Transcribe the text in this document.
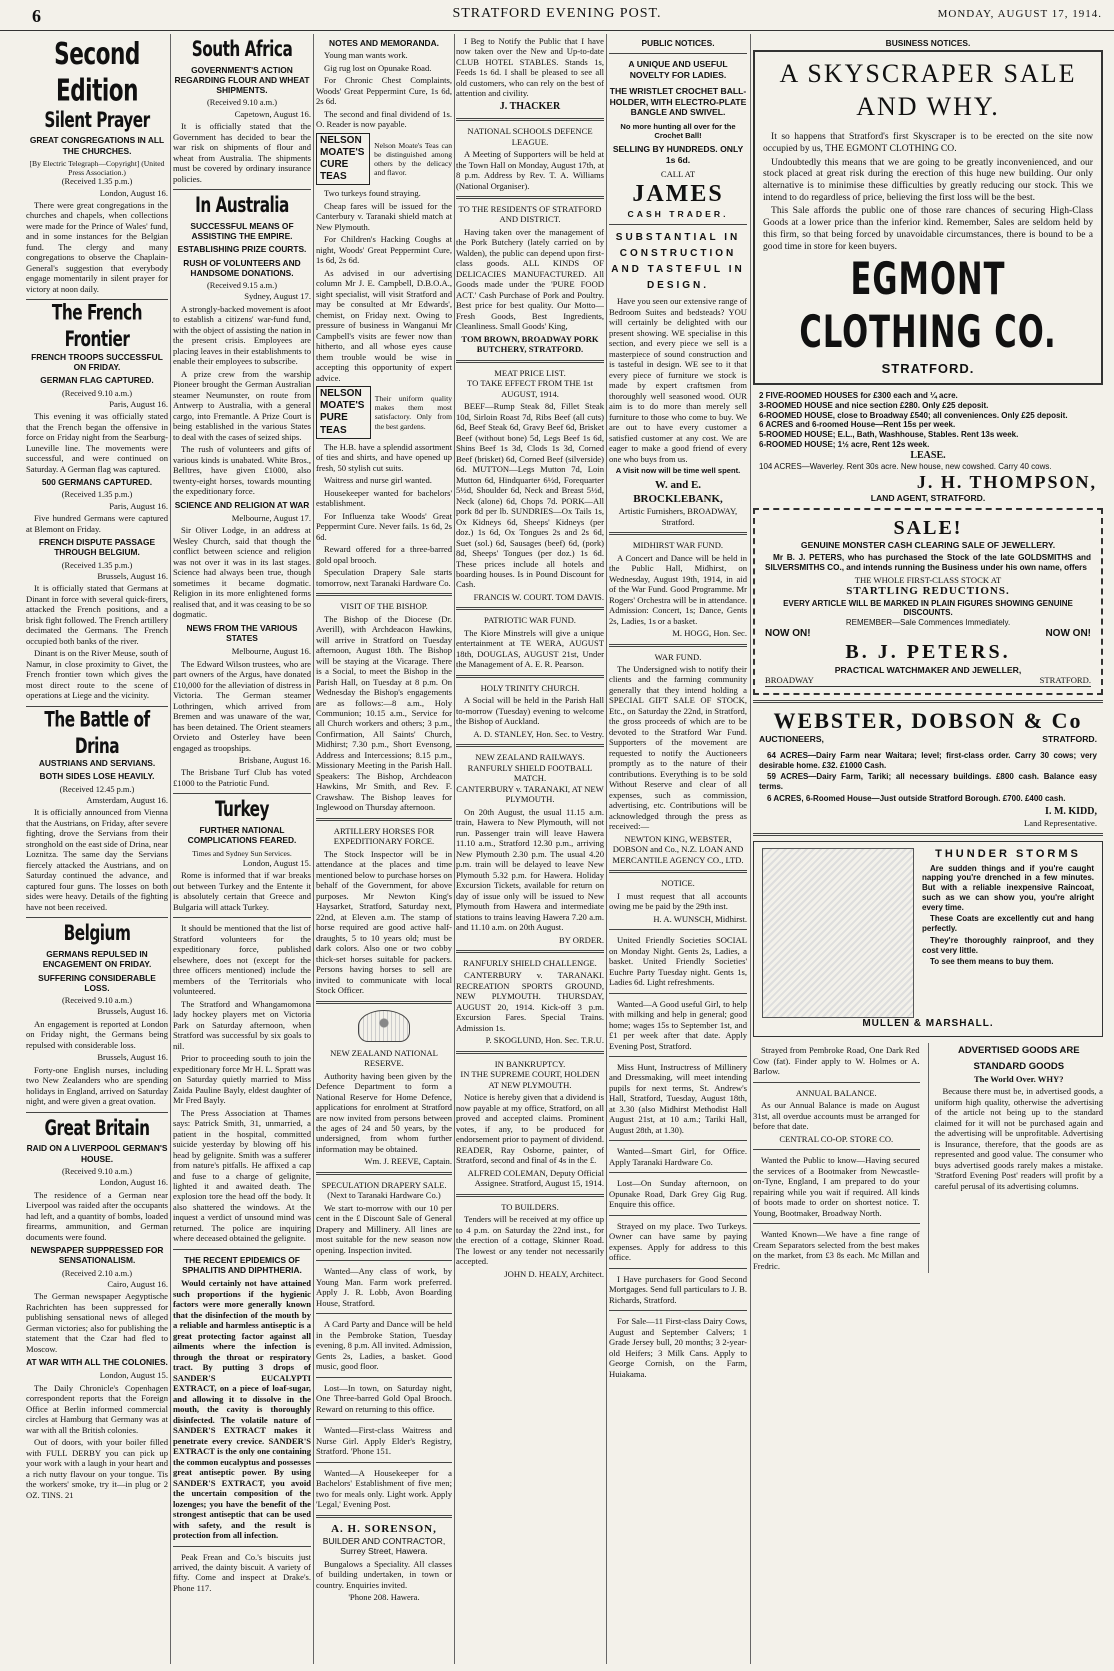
6	STRATFORD EVENING POST.	MONDAY, AUGUST 17, 1914.
Second Edition
Silent Prayer
GREAT CONGREGATIONS IN ALL THE CHURCHES.
[By Electric Telegraph—Copyright] (United Press Association.)
(Received 1.35 p.m.)
London, August 16.

There were great congregations in the churches and chapels, when collections were made for the Prince of Wales' fund, and in some instances for the Belgian fund. The clergy and many congregations to observe the Chaplain-General's suggestion that everybody engage momentarily in silent prayer for victory at noon daily.

The French Frontier
FRENCH TROOPS SUCCESSFUL ON FRIDAY.
GERMAN FLAG CAPTURED.
(Received 9.10 a.m.)
Paris, August 16.

This evening it was officially stated that the French began the offensive in force on Friday night from the Searburg-Luneville line. The movements were successful, and were continued on Saturday. A German flag was captured.

500 GERMANS CAPTURED.
(Received 1.35 p.m.)
Paris, August 16.

Five hundred Germans were captured at Blemont on Friday.

FRENCH DISPUTE PASSAGE THROUGH BELGIUM.
(Received 1.35 p.m.)
Brussels, August 16.

It is officially stated that Germans at Dinant in force with several quick-firers, attacked the French positions, and a brisk fight followed. The French artillery decimated the Germans. The French occupied both banks of the river.

Dinant is on the River Meuse, south of Namur, in close proximity to Givet, the French frontier town which gives the most direct route to the scene of operations at Liege and the vicinity.

The Battle of Drina
AUSTRIANS AND SERVIANS.
BOTH SIDES LOSE HEAVILY.
(Received 12.45 p.m.)
Amsterdam, August 16.

It is officially announced from Vienna that the Austrians, on Friday, after severe fighting, drove the Servians from their stronghold on the east side of Drina, near Loznitza. The same day the Servians fiercely attacked the Austrians, and on Saturday continued the advance, and captured four guns. The losses on both sides were heavy. Details of the fighting have not been received.

Belgium
GERMANS REPULSED IN ENCAGEMENT ON FRIDAY.
SUFFERING CONSIDERABLE LOSS.
(Received 9.10 a.m.)
Brussels, August 16.

An engagement is reported at London on Friday night, the Germans being repulsed with considerable loss.

Brussels, August 16.

Forty-one English nurses, including two New Zealanders who are spending holidays in England, arrived on Saturday night, and were given a great ovation.

Great Britain
RAID ON A LIVERPOOL GERMAN'S HOUSE.
(Received 9.10 a.m.)
London, August 16.

The residence of a German near Liverpool was raided after the occupants had left, and a quantity of bombs, loaded firearms, ammunition, and German documents were found.

NEWSPAPER SUPPRESSED FOR SENSATIONALISM.
(Received 2.10 a.m.)
Cairo, August 16.

The German newspaper Aegyptische Rachrichten has been suppressed for publishing sensational news of alleged German victories; also for publishing the statement that the Czar had fled to Moscow.

AT WAR WITH ALL THE COLONIES.
London, August 15.

The Daily Chronicle's Copenhagen correspondent reports that the Foreign Office at Berlin informed commercial circles at Hamburg that Germany was at war with all the British colonies.

Out of doors, with your boiler filled with FULL DERBY you can pick up your work with a laugh in your heart and a rich nutty flavour on your tongue. Tis the workers' smoke, try it—in plug or 2 OZ. TINS. 21

South Africa
GOVERNMENT'S ACTION REGARDING FLOUR AND WHEAT SHIPMENTS.
(Received 9.10 a.m.)
Capetown, August 16.

It is officially stated that the Government has decided to bear the war risk on shipments of flour and wheat from Australia. The shipments must be covered by ordinary insurance policies.

In Australia
SUCCESSFUL MEANS OF ASSISTING THE EMPIRE.
ESTABLISHING PRIZE COURTS.
RUSH OF VOLUNTEERS AND HANDSOME DONATIONS.
(Received 9.15 a.m.)
Sydney, August 17.

A strongly-backed movement is afoot to establish a citizens' war-fund fund, with the object of assisting the nation in the present crisis. Employees are placing leaves in their establishments to enable their employees to subscribe.

A prize crew from the warship Pioneer brought the German Australian steamer Neumunster, on route from Antwerp to Australia, with a general cargo, into Fremantle. A Prize Court is being established in the various States to deal with the cases of seized ships.

The rush of volunteers and gifts of various kinds is unabated. White Bros., Belltres, have given £1000, also twenty-eight horses, towards mounting the expeditionary force.

SCIENCE AND RELIGION AT WAR
Melbourne, August 17.

Sir Oliver Lodge, in an address at Wesley Church, said that though the conflict between science and religion was not over it was in its last stages. Science had always been true, though sometimes it became dogmatic. Religion in its more enlightened forms realised that, and it was ceasing to be so dogmatic.

NEWS FROM THE VARIOUS STATES
Melbourne, August 16.

The Edward Wilson trustees, who are part owners of the Argus, have donated £10,000 for the alleviation of distress in Victoria. The German steamer Lothringen, which arrived from Bremen and was unaware of the war, has been detained. The Orient steamers Orvieto and Osterley have been engaged as troopships.

Brisbane, August 16.

The Brisbane Turf Club has voted £1000 to the Patriotic Fund.

Turkey
FURTHER NATIONAL COMPLICATIONS FEARED.
Times and Sydney Sun Services.
London, August 15.

Rome is informed that if war breaks out between Turkey and the Entente it is absolutely certain that Greece and Bulgaria will attack Turkey.

It should be mentioned that the list of Stratford volunteers for the expeditionary force, published elsewhere, does not (except for the three officers mentioned) include the members of the Territorials who volunteered.

The Stratford and Whangamomona lady hockey players met on Victoria Park on Saturday afternoon, when Stratford was successful by six goals to nil.

Prior to proceeding south to join the expeditionary force Mr H. L. Spratt was on Saturday quietly married to Miss Zaida Pauline Bayly, eldest daughter of Mr Fred Bayly.

The Press Association at Thames says: Patrick Smith, 31, unmarried, a patient in the hospital, committed suicide yesterday by blowing off his head by gelignite. Smith was a sufferer from nature's pitfalls. He affixed a cap and fuse to a charge of gelignite, lighted it and awaited death. The explosion tore the head off the body. It also shattered the windows. At the inquest a verdict of unsound mind was returned. The police are inquiring where deceased obtained the gelignite.

THE RECENT EPIDEMICS OF SPHALITIS AND DIPHTHERIA.

Would certainly not have attained such proportions if the hygienic factors were more generally known that the disinfection of the mouth by a reliable and harmless antiseptic is a great protecting factor against all ailments where the infection is through the throat or respiratory tract. By putting 3 drops of SANDER'S EUCALYPTI EXTRACT, on a piece of loaf-sugar, and allowing it to dissolve in the mouth, the cavity is thoroughly disinfected. The volatile nature of SANDER'S EXTRACT makes it penetrate every crevice. SANDER'S EXTRACT is the only one containing the common eucalyptus and possesses great antiseptic power. By using SANDER'S EXTRACT, you avoid the uncertain composition of the lozenges; you have the benefit of the strongest antiseptic that can be used with safety, and the result is protection from all infection.

Peak Frean and Co.'s biscuits just arrived, the dainty biscuit. A variety of fifty. Come and inspect at Drake's. Phone 117.

NOTES AND MEMORANDA.

Young man wants work.

Gig rug lost on Opunake Road.

For Chronic Chest Complaints, Woods' Great Peppermint Cure, 1s 6d, 2s 6d.

The second and final dividend of 1s. O. Reader is now payable.

NELSON MOATE'S CURE TEAS
Nelson Moate's Teas can be distinguished among others by the delicacy and flavor.

Two turkeys found straying.

Cheap fares will be issued for the Canterbury v. Taranaki shield match at New Plymouth.

For Children's Hacking Coughs at night, Woods' Great Peppermint Cure, 1s 6d, 2s 6d.

As advised in our advertising column Mr J. E. Campbell, D.B.O.A., sight specialist, will visit Stratford and may be consulted at Mr Edwards', chemist, on Friday next. Owing to pressure of business in Wanganui Mr Campbell's visits are fewer now than hitherto, and all whose eyes cause them trouble would be wise in accepting this opportunity of expert advice.

NELSON MOATE'S PURE TEAS
Their uniform quality makes them most satisfactory. Only from the best gardens.

The H.B. have a splendid assortment of ties and shirts, and have opened up fresh, 50 stylish cut suits.

Waitress and nurse girl wanted.

Housekeeper wanted for bachelors' establishment.

For Influenza take Woods' Great Peppermint Cure. Never fails. 1s 6d, 2s 6d.

Reward offered for a three-barred gold opal brooch.

Speculation Drapery Sale starts tomorrow, next Taranaki Hardware Co.

VISIT OF THE BISHOP.

The Bishop of the Diocese (Dr. Averill), with Archdeacon Hawkins, will arrive in Stratford on Tuesday afternoon, August 18th. The Bishop will be staying at the Vicarage. There is a Social, to meet the Bishop in the Parish Hall, on Tuesday at 8 p.m. On Wednesday the Bishop's engagements are as follows:—8 a.m., Holy Communion; 10.15 a.m., Service for all Church workers and others; 3 p.m., Confirmation, All Saints' Church, Midhirst; 7.30 p.m., Short Evensong, Address and Intercessions; 8.15 p.m., Missionary Meeting in the Parish Hall. Speakers: The Bishop, Archdeacon Hawkins, Mr Smith, and Rev. F. Crawshaw. The Bishop leaves for Inglewood on Thursday afternoon.

ARTILLERY HORSES FOR EXPEDITIONARY FORCE.

The Stock Inspector will be in attendance at the places and time mentioned below to purchase horses on behalf of the Government, for above purposes. Mr Newton King's Haysarket, Stratford, Saturday next, 22nd, at Eleven a.m. The stamp of horse required are good active half-draughts, 5 to 10 years old; must be dark colors. Also one or two cobby thick-set horses suitable for packers. Persons having horses to sell are invited to communicate with local Stock Officer.

NEW ZEALAND NATIONAL RESERVE.

Authority having been given by the Defence Department to form a National Reserve for Home Defence, applications for enrolment at Stratford are now invited from persons between the ages of 24 and 50 years, by the undersigned, from whom further information may be obtained.

Wm. J. REEVE, Captain.
SPECULATION DRAPERY SALE. (Next to Taranaki Hardware Co.)

We start to-morrow with our 10 per cent in the £ Discount Sale of General Drapery and Millinery. All lines are most suitable for the new season now opening. Inspection invited.

Wanted—Any class of work, by Young Man. Farm work preferred. Apply J. R. Lobb, Avon Boarding House, Stratford.

A Card Party and Dance will be held in the Pembroke Station, Tuesday evening, 8 p.m. All invited. Admission, Gents 2s, Ladies, a basket. Good music, good floor.

Lost—In town, on Saturday night, One Three-barred Gold Opal Brooch. Reward on returning to this office.

Wanted—First-class Waitress and Nurse Girl. Apply Elder's Registry, Stratford. 'Phone 151.

Wanted—A Housekeeper for a Bachelors' Establishment of five men; two for meals only. Light work. Apply 'Legal,' Evening Post.

A. H. SORENSON,
BUILDER AND CONTRACTOR, Surrey Street, Hawera.

Bungalows a Speciality. All classes of building undertaken, in town or country. Enquiries invited.

'Phone 208. Hawera.

I Beg to Notify the Public that I have now taken over the New and Up-to-date CLUB HOTEL STABLES. Stands 1s, Feeds 1s 6d. I shall be pleased to see all old customers, who can rely on the best of attention and civility.

J. THACKER
NATIONAL SCHOOLS DEFENCE LEAGUE.

A Meeting of Supporters will be held at the Town Hall on Monday, August 17th, at 8 p.m. Address by Rev. T. A. Williams (National Organiser).

TO THE RESIDENTS OF STRATFORD AND DISTRICT.

Having taken over the management of the Pork Butchery (lately carried on by Walden), the public can depend upon first-class goods. ALL KINDS OF DELICACIES MANUFACTURED. All Goods made under the 'PURE FOOD ACT.' Cash Purchase of Pork and Poultry. Best price for best quality. Our Motto—Fresh Goods, Best Ingredients, Cleanliness. Small Goods' King,

TOM BROWN, BROADWAY PORK BUTCHERY, STRATFORD.
MEAT PRICE LIST.
TO TAKE EFFECT FROM THE 1st AUGUST, 1914.

BEEF—Rump Steak 8d, Fillet Steak 10d, Sirloin Roast 7d, Ribs Beef (all cuts) 6d, Beef Steak 6d, Gravy Beef 6d, Brisket Beef (without bone) 5d, Legs Beef 1s 6d, Shins Beef 1s 3d, Clods 1s 3d, Corned Beef (brisket) 6d, Corned Beef (silverside) 6d. MUTTON—Legs Mutton 7d, Loin Mutton 6d, Hindquarter 6½d, Forequarter 5½d, Shoulder 6d, Neck and Breast 5½d, Neck (alone) 6d, Chops 7d. PORK—All pork 8d per lb. SUNDRIES—Ox Tails 1s, Ox Kidneys 6d, Sheeps' Kidneys (per doz.) 1s 6d, Ox Tongues 2s and 2s 6d, Suet (sol.) 6d, Sausages (beef) 6d, (pork) 8d, Sheeps' Tongues (per doz.) 1s 6d. These prices include all hotels and boarding houses. Is in Pound Discount for Cash.

FRANCIS W. COURT. TOM DAVIS.
PATRIOTIC WAR FUND.

The Kiore Minstrels will give a unique entertainment at TE WERA, AUGUST 18th, DOUGLAS, AUGUST 21st, Under the Management of A. E. R. Pearson.

HOLY TRINITY CHURCH.

A Social will be held in the Parish Hall to-morrow (Tuesday) evening to welcome the Bishop of Auckland.

A. D. STANLEY, Hon. Sec. to Vestry.
NEW ZEALAND RAILWAYS.
RANFURLY SHIELD FOOTBALL MATCH.
CANTERBURY v. TARANAKI, AT NEW PLYMOUTH.

On 20th August, the usual 11.15 a.m. train, Hawera to New Plymouth, will not run. Passenger train will leave Hawera 11.10 a.m., Stratford 12.30 p.m., arriving New Plymouth 2.30 p.m. The usual 4.20 p.m. train will be delayed to leave New Plymouth 5.32 p.m. for Hawera. Holiday Excursion Tickets, available for return on day of issue only will be issued to New Plymouth from Hawera and intermediate stations to trains leaving Hawera 7.20 a.m. and 11.10 a.m. on 20th August.

BY ORDER.
RANFURLY SHIELD CHALLENGE.

CANTERBURY v. TARANAKI. RECREATION SPORTS GROUND, NEW PLYMOUTH. THURSDAY, AUGUST 20, 1914. Kick-off 3 p.m. Excursion Fares. Special Trains. Admission 1s.

P. SKOGLUND, Hon. Sec. T.R.U.
IN BANKRUPTCY.
IN THE SUPREME COURT, HOLDEN AT NEW PLYMOUTH.

Notice is hereby given that a dividend is now payable at my office, Stratford, on all proved and accepted claims. Prominent votes, if any, to be produced for endorsement prior to payment of dividend. READER, Ray Osborne, painter, of Stratford, second and final of 4s in the £.

ALFRED COLEMAN, Deputy Official Assignee. Stratford, August 15, 1914.
TO BUILDERS.

Tenders will be received at my office up to 4 p.m. on Saturday the 22nd inst., for the erection of a cottage, Skinner Road. The lowest or any tender not necessarily accepted.

JOHN D. HEALY, Architect.
PUBLIC NOTICES.
A UNIQUE AND USEFUL NOVELTY FOR LADIES.
THE WRISTLET CROCHET BALL-HOLDER, WITH ELECTRO-PLATE BANGLE AND SWIVEL.
No more hunting all over for the Crochet Ball!
SELLING BY HUNDREDS. ONLY 1s 6d.
CALL AT
JAMES
CASH TRADER.
SUBSTANTIAL IN CONSTRUCTION AND TASTEFUL IN DESIGN.

Have you seen our extensive range of Bedroom Suites and bedsteads? YOU will certainly be delighted with our present showing. WE specialise in this section, and every piece we sell is a masterpiece of sound construction and is tasteful in design. WE see to it that every piece of furniture we stock is made by expert craftsmen from thoroughly well seasoned wood. OUR aim is to do more than merely sell furniture to those who come to buy. We are out to have every customer a satisfied customer at any cost. We are eager to make a good friend of every one who buys from us.

A Visit now will be time well spent.
W. and E. BROCKLEBANK,
Artistic Furnishers, BROADWAY, Stratford.
MIDHIRST WAR FUND.

A Concert and Dance will be held in the Public Hall, Midhirst, on Wednesday, August 19th, 1914, in aid of the War Fund. Good Programme. Mr Rogers' Orchestra will be in attendance. Admission: Concert, 1s; Dance, Gents 2s, Ladies, 1s or a basket.

M. HOGG, Hon. Sec.
WAR FUND.

The Undersigned wish to notify their clients and the farming community generally that they intend holding a SPECIAL GIFT SALE OF STOCK, Etc., on Saturday the 22nd, in Stratford, the gross proceeds of which are to be devoted to the Stratford War Fund. Supporters of the movement are requested to notify the Auctioneers promptly as to the nature of their contributions. Everything is to be sold Without Reserve and clear of all expenses, such as commission, advertising, etc. Contributions will be acknowledged through the press as received:—

NEWTON KING, WEBSTER, DOBSON and Co., N.Z. LOAN AND MERCANTILE AGENCY CO., LTD.
NOTICE.

I must request that all accounts owing me be paid by the 29th inst.

H. A. WUNSCH, Midhirst.

United Friendly Societies SOCIAL on Monday Night. Gents 2s, Ladies, a basket. United Friendly Societies' Euchre Party Tuesday night. Gents 1s, Ladies 6d. Light refreshments.

Wanted—A Good useful Girl, to help with milking and help in general; good home; wages 15s to September 1st, and £1 per week after that date. Apply Evening Post, Stratford.

Miss Hunt, Instructress of Millinery and Dressmaking, will meet intending pupils for next terms, St. Andrew's Hall, Stratford, Tuesday, August 18th, at 3.30 (also Midhirst Methodist Hall August 21st, at 10 a.m.; Tariki Hall, August 28th, at 1.30).

Wanted—Smart Girl, for Office. Apply Taranaki Hardware Co.

Lost—On Sunday afternoon, on Opunake Road, Dark Grey Gig Rug. Enquire this office.

Strayed on my place. Two Turkeys. Owner can have same by paying expenses. Apply for address to this office.

I Have purchasers for Good Second Mortgages. Send full particulars to J. B. Richards, Stratford.

For Sale—11 First-class Dairy Cows, August and September Calvers; 1 Grade Jersey bull, 20 months; 3 2-year-old Heifers; 3 Milk Cans. Apply to George Cornish, on the Farm, Huiakama.

BUSINESS NOTICES.
A SKYSCRAPER SALE AND WHY.

It so happens that Stratford's first Skyscraper is to be erected on the site now occupied by us, THE EGMONT CLOTHING CO.

Undoubtedly this means that we are going to be greatly inconvenienced, and our stock placed at great risk during the erection of this huge new building. Our only alternative is to minimise these difficulties by greatly reducing our stock. This we intend to do regardless of price, believing the first loss will be the best.

This Sale affords the public one of those rare chances of securing High-Class Goods at a lower price than the inferior kind. Remember, Sales are seldom held by this firm, so that being forced by unavoidable circumstances, there is bound to be a good time in store for keen buyers.

EGMONT CLOTHING CO.
STRATFORD.
2 FIVE-ROOMED HOUSES for £300 each and ¼ acre.
3-ROOMED HOUSE and nice section £280. Only £25 deposit.
6-ROOMED HOUSE, close to Broadway £540; all conveniences. Only £25 deposit.
6 ACRES and 6-roomed House—Rent 15s per week.
5-ROOMED HOUSE; E.L., Bath, Washhouse, Stables. Rent 13s week.
6-ROOMED HOUSE; 1½ acre, Rent 12s week.
LEASE.
104 ACRES—Waverley. Rent 30s acre. New house, new cowshed. Carry 40 cows.
J. H. THOMPSON,
LAND AGENT, STRATFORD.
SALE!
GENUINE MONSTER CASH CLEARING SALE OF JEWELLERY.

Mr B. J. PETERS, who has purchased the Stock of the late GOLDSMITHS and SILVERSMITHS CO., and intends running the Business under his own name, offers

THE WHOLE FIRST-CLASS STOCK AT
STARTLING REDUCTIONS.
EVERY ARTICLE WILL BE MARKED IN PLAIN FIGURES SHOWING GENUINE DISCOUNTS.
REMEMBER—Sale Commences Immediately.
NOW ON!	NOW ON!
B. J. PETERS.
PRACTICAL WATCHMAKER AND JEWELLER,
BROADWAY	STRATFORD.
WEBSTER, DOBSON & Co
AUCTIONEERS,	STRATFORD.

64 ACRES—Dairy Farm near Waitara; level; first-class order. Carry 30 cows; very desirable home. £32. £1000 Cash.

59 ACRES—Dairy Farm, Tariki; all necessary buildings. £800 cash. Balance easy terms.

6 ACRES, 6-Roomed House—Just outside Stratford Borough. £700. £400 cash.

I. M. KIDD,
Land Representative.
THUNDER STORMS

Are sudden things and if you're caught napping you're drenched in a few minutes. But with a reliable inexpensive Raincoat, such as we can show you, you're alright every time.

These Coats are excellently cut and hang perfectly.

They're thoroughly rainproof, and they cost very little.

To see them means to buy them.

MULLEN & MARSHALL.

Strayed from Pembroke Road, One Dark Red Cow (fat). Finder apply to W. Holmes or A. Barlow.

ANNUAL BALANCE.

As our Annual Balance is made on August 31st, all overdue accounts must be arranged for before that date.

CENTRAL CO-OP. STORE CO.

Wanted the Public to know—Having secured the services of a Bootmaker from Newcastle-on-Tyne, England, I am prepared to do your repairing while you wait if required. All kinds of boots made to order on shortest notice. T. Young, Bootmaker, Broadway North.

Wanted Known—We have a fine range of Cream Separators selected from the best makes on the market, from £3 8s each. Mc Millan and Fredric.

ADVERTISED GOODS ARE STANDARD GOODS
The World Over. WHY?

Because there must be, in advertised goods, a uniform high quality, otherwise the advertising of the article not being up to the standard claimed for it will not be purchased again and the advertising will be unprofitable. Advertising is Insurance, therefore, that the goods are as represented and good value. The consumer who buys advertised goods rarely makes a mistake. 'Stratford Evening Post' readers will profit by a careful perusal of its advertising columns.
